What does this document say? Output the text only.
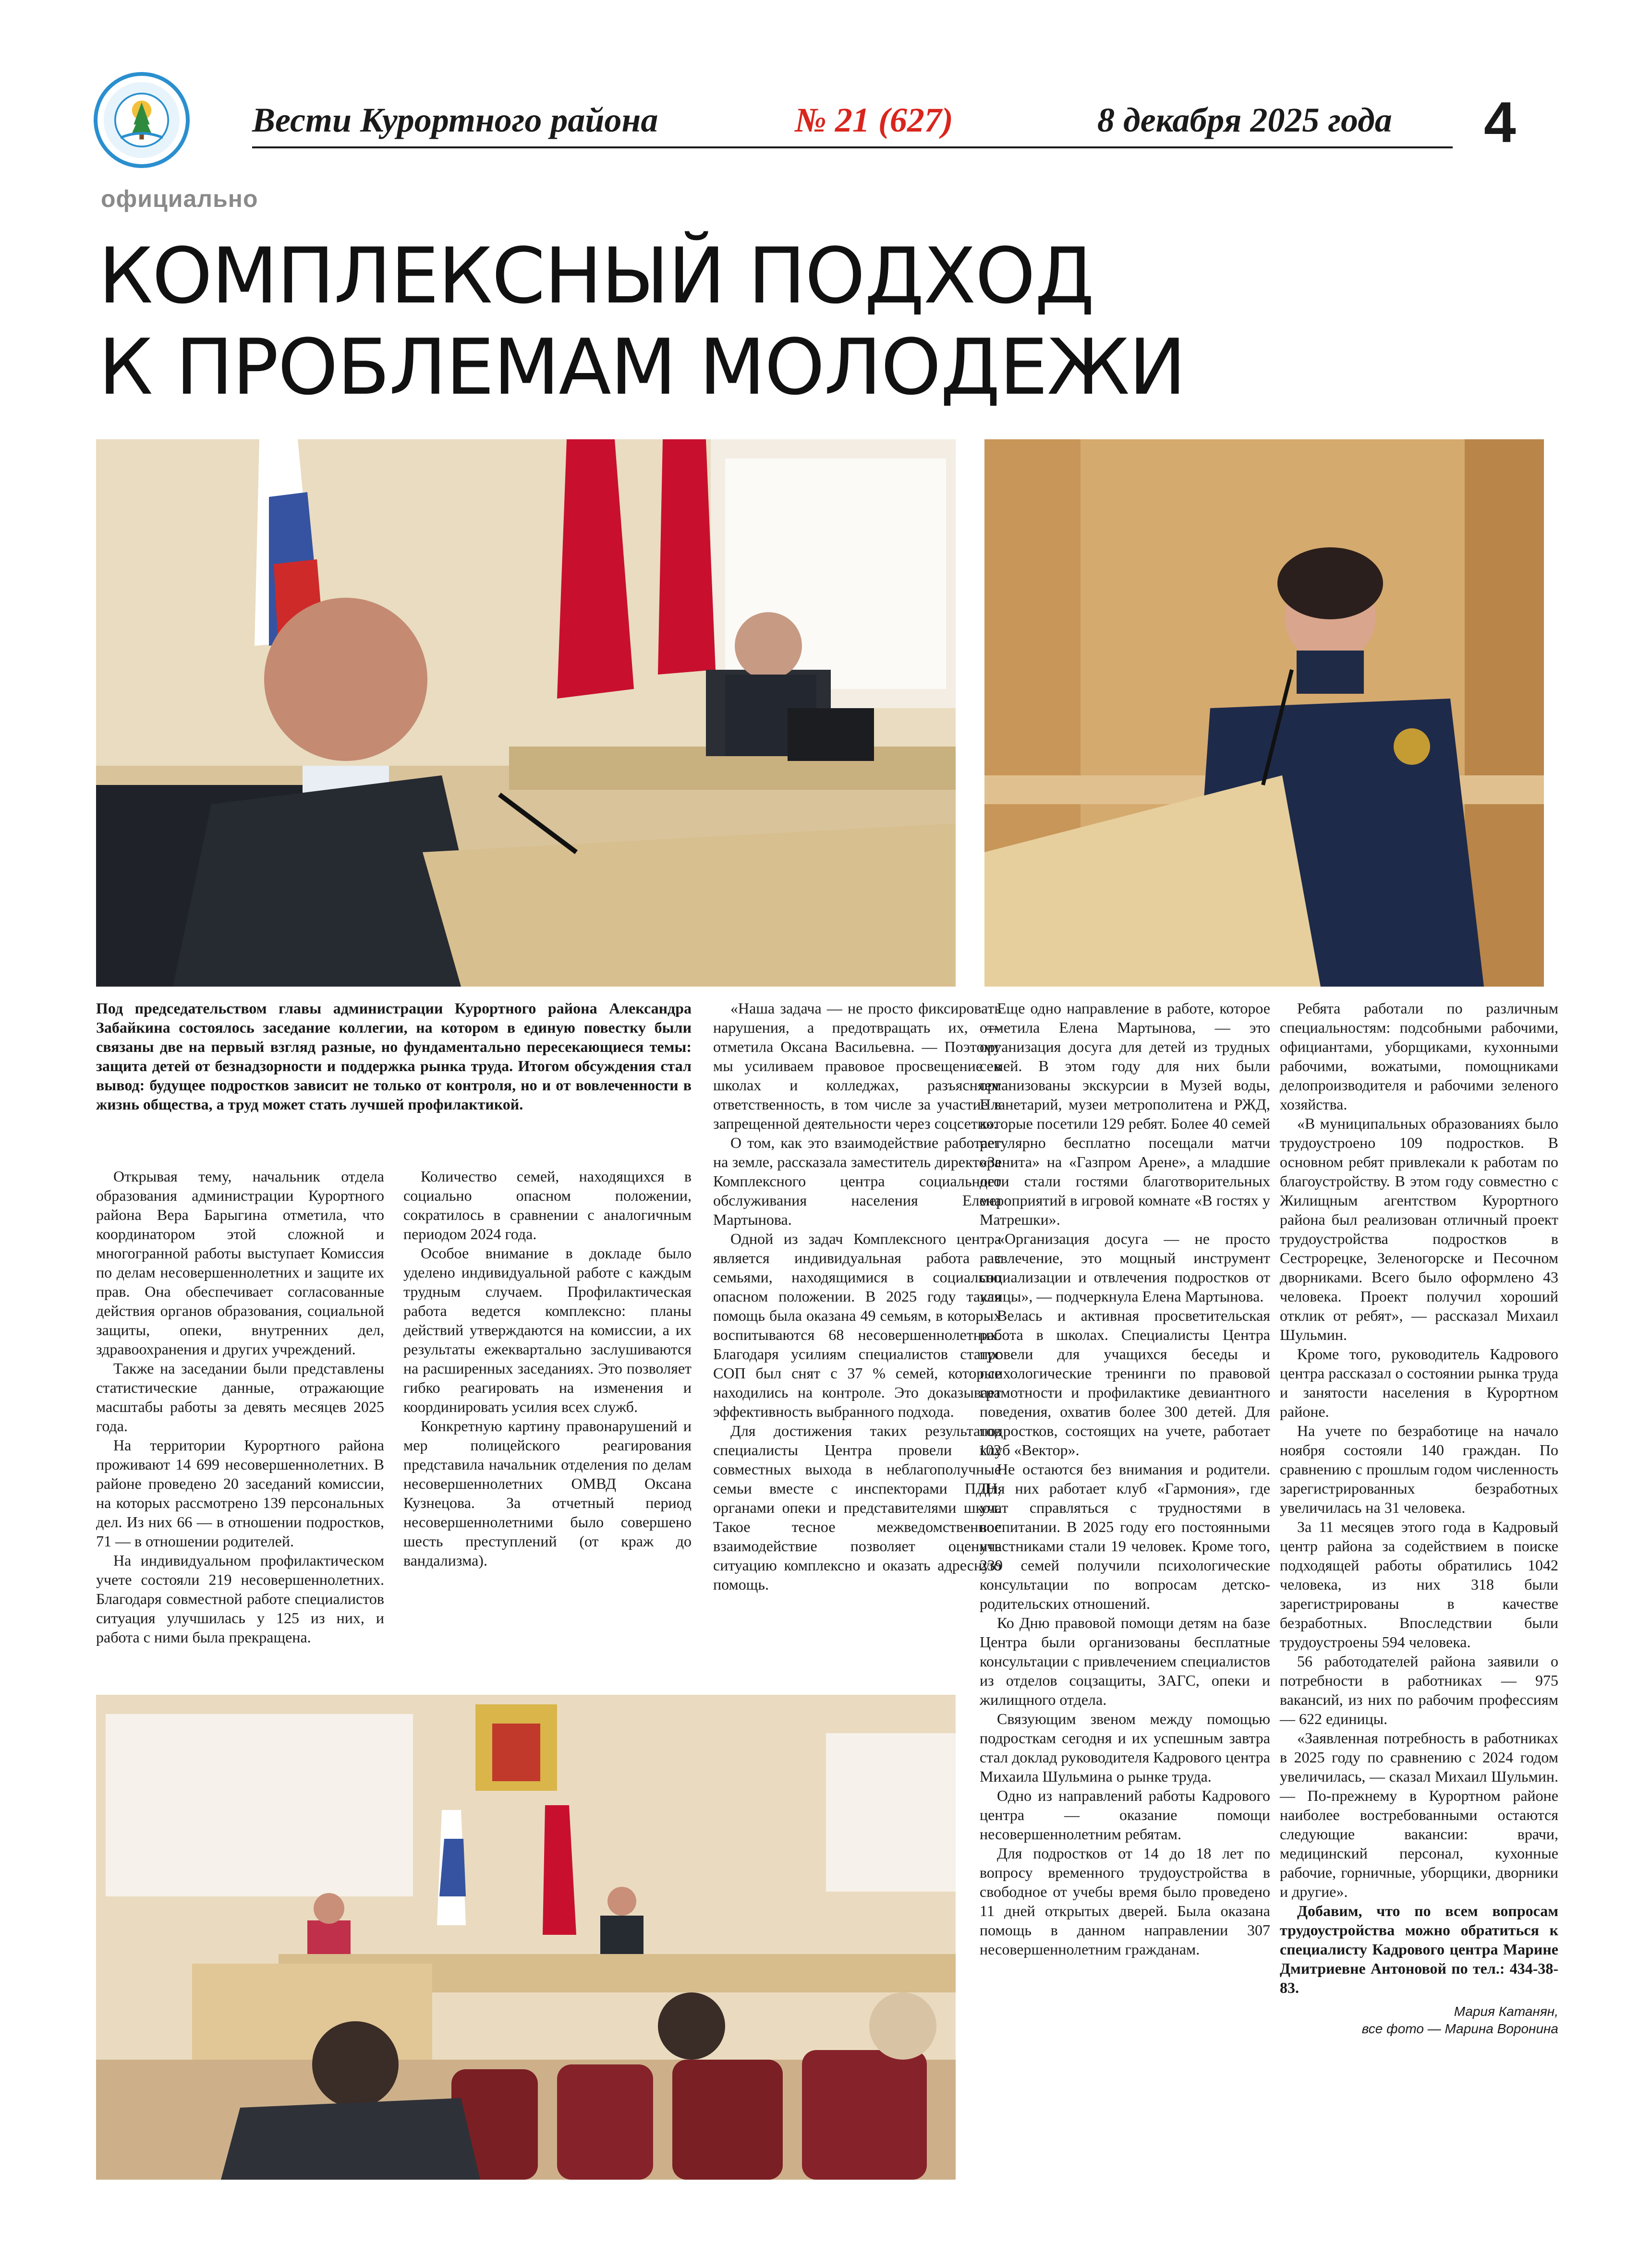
Вести Курортного района	№ 21 (627)	8 декабря 2025 года 4
официально
КОМПЛЕКСНЫЙ ПОДХОД
К ПРОБЛЕМАМ МОЛОДЕЖИ
Под председательством главы администрации Курортного района Александра Забайкина состоялось заседание коллегии, на котором в единую повестку были связаны две на первый взгляд разные, но фундаментально пересекающиеся темы: защита детей от безнадзорности и поддержка рынка труда. Итогом обсуждения стал вывод: будущее подростков зависит не только от контроля, но и от вовлеченности в жизнь общества, а труд может стать лучшей профилактикой.

Открывая тему, начальник отдела образования администрации Курортного района Вера Барыгина отметила, что координатором этой сложной и многогранной работы выступает Комиссия по делам несовершеннолетних и защите их прав. Она обеспечивает согласованные действия органов образования, социальной защиты, опеки, внутренних дел, здравоохранения и других учреждений.

Также на заседании были представлены статистические данные, отражающие масштабы работы за девять месяцев 2025 года.

На территории Курортного района проживают 14 699 несовершеннолетних. В районе проведено 20 заседаний комиссии, на которых рассмотрено 139 персональных дел. Из них 66 — в отношении подростков, 71 — в отношении родителей.

На индивидуальном профилактическом учете состояли 219 несовершеннолетних. Благодаря совместной работе специалистов ситуация улучшилась у 125 из них, и работа с ними была прекращена.

Количество семей, находящихся в социально опасном положении, сократилось в сравнении с аналогичным периодом 2024 года.

Особое внимание в докладе было уделено индивидуальной работе с каждым трудным случаем. Профилактическая работа ведется комплексно: планы действий утверждаются на комиссии, а их результаты ежеквартально заслушиваются на расширенных заседаниях. Это позволяет гибко реагировать на изменения и координировать усилия всех служб.

Конкретную картину правонарушений и мер полицейского реагирования представила начальник отделения по делам несовершеннолетних ОМВД Оксана Кузнецова. За отчетный период несовершеннолетними было совершено шесть преступлений (от краж до вандализма).

«Наша задача — не просто фиксировать нарушения, а предотвращать их, — отметила Оксана Васильевна. — Поэтому мы усиливаем правовое просвещение в школах и колледжах, разъясняем ответственность, в том числе за участие в запрещенной деятельности через соцсети».

О том, как это взаимодействие работает на земле, рассказала заместитель директора Комплексного центра социального обслуживания населения Елена Мартынова.

Одной из задач Комплексного центра является индивидуальная работа с семьями, находящимися в социально опасном положении. В 2025 году такая помощь была оказана 49 семьям, в которых воспитываются 68 несовершеннолетних. Благодаря усилиям специалистов статус СОП был снят с 37 % семей, которые находились на контроле. Это доказывает эффективность выбранного подхода.

Для достижения таких результатов специалисты Центра провели 102 совместных выхода в неблагополучные семьи вместе с инспекторами ПДН, органами опеки и представителями школ. Такое тесное межведомственное взаимодействие позволяет оценить ситуацию комплексно и оказать адресную помощь.

Еще одно направление в работе, которое отметила Елена Мартынова, — это организация досуга для детей из трудных семей. В этом году для них были организованы экскурсии в Музей воды, Планетарий, музеи метрополитена и РЖД, которые посетили 129 ребят. Более 40 семей регулярно бесплатно посещали матчи «Зенита» на «Газпром Арене», а младшие дети стали гостями благотворительных мероприятий в игровой комнате «В гостях у Матрешки».

«Организация досуга — не просто развлечение, это мощный инструмент социализации и отвлечения подростков от улицы», — подчеркнула Елена Мартынова.

Велась и активная просветительская работа в школах. Специалисты Центра провели для учащихся беседы и психологические тренинги по правовой грамотности и профилактике девиантного поведения, охватив более 300 детей. Для подростков, состоящих на учете, работает клуб «Вектор».

Не остаются без внимания и родители. Для них работает клуб «Гармония», где учат справляться с трудностями в воспитании. В 2025 году его постоянными участниками стали 19 человек. Кроме того, 239 семей получили психологические консультации по вопросам детско-родительских отношений.

Ко Дню правовой помощи детям на базе Центра были организованы бесплатные консультации с привлечением специалистов из отделов соцзащиты, ЗАГС, опеки и жилищного отдела.

Связующим звеном между помощью подросткам сегодня и их успешным завтра стал доклад руководителя Кадрового центра Михаила Шульмина о рынке труда.

Одно из направлений работы Кадрового центра — оказание помощи несовершеннолетним ребятам.

Для подростков от 14 до 18 лет по вопросу временного трудоустройства в свободное от учебы время было проведено 11 дней открытых дверей. Была оказана помощь в данном направлении 307 несовершеннолетним гражданам.

Ребята работали по различным специальностям: подсобными рабочими, официантами, уборщиками, кухонными рабочими, вожатыми, помощниками делопроизводителя и рабочими зеленого хозяйства.

«В муниципальных образованиях было трудоустроено 109 подростков. В основном ребят привлекали к работам по благоустройству. В этом году совместно с Жилищным агентством Курортного района был реализован отличный проект трудоустройства подростков в Сестрорецке, Зеленогорске и Песочном дворниками. Всего было оформлено 43 человека. Проект получил хороший отклик от ребят», — рассказал Михаил Шульмин.

Кроме того, руководитель Кадрового центра рассказал о состоянии рынка труда и занятости населения в Курортном районе.

На учете по безработице на начало ноября состояли 140 граждан. По сравнению с прошлым годом численность зарегистрированных безработных увеличилась на 31 человека.

За 11 месяцев этого года в Кадровый центр района за содействием в поиске подходящей работы обратились 1042 человека, из них 318 были зарегистрированы в качестве безработных. Впоследствии были трудоустроены 594 человека.

56 работодателей района заявили о потребности в работниках — 975 вакансий, из них по рабочим профессиям — 622 единицы.

«Заявленная потребность в работниках в 2025 году по сравнению с 2024 годом увеличилась, — сказал Михаил Шульмин. — По-прежнему в Курортном районе наиболее востребованными остаются следующие вакансии: врачи, медицинский персонал, кухонные рабочие, горничные, уборщики, дворники и другие».

Добавим, что по всем вопросам трудоустройства можно обратиться к специалисту Кадрового центра Марине Дмитриевне Антоновой по тел.: 434-38-83.

Мария Катанян,
все фото — Марина Воронина
